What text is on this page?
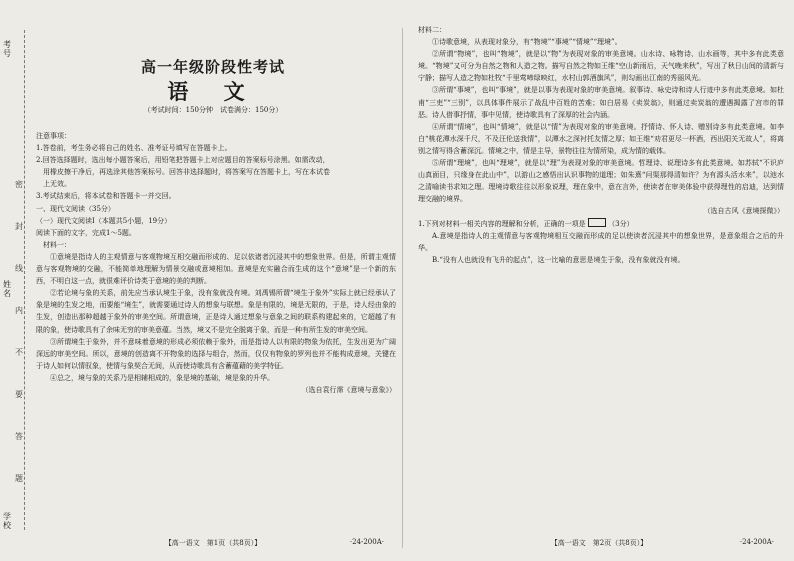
考号
姓名
学校
密
封
线
内
不
要
答
题
高一年级阶段性考试
语 文
（考试时间：150分钟　试卷满分：150分）

注意事项：

1.答卷前，考生务必将自己的姓名、准考证号填写在答题卡上。

2.回答选择题时，选出每小题答案后，用铅笔把答题卡上对应题目的答案标号涂黑。如需改动，

　用橡皮擦干净后，再选涂其他答案标号。回答非选择题时，将答案写在答题卡上，写在本试卷

　上无效。

3.考试结束后，将本试卷和答题卡一并交回。

一、现代文阅读（35分）

（一）现代文阅读Ⅰ（本题共5小题，19分）

阅读下面的文字，完成1～5题。

　材料一：

①意境是指诗人的主观情意与客观物境互相交融而形成的、足以依诸者沉浸其中的想象世界。但是，所谓主观情意与客观物境的交融，不能简单地理解为情景交融或意境相加。意境是充实融合而生成的这个“意境”是一个新的东西，不明白这一点，就很难评价诗类于意境的美的判断。

②若论境与象的关系，前先应当承认境生于象，没有象就没有境。刘禹锡所谓“境生于象外”实际上就已经承认了象是境的生发之地，而要能“境生”，就需要通过诗人的想象与联想。象是有限的，境是无限的，于是，诗人经由象的生发，创造出那种超越于象外的审美空间。所谓意境，正是诗人通过想象与意象之间的联系构建起来的，它超越了有限的象，使诗歌具有了余味无穷的审美意蕴。当然，境又不是完全脱离于象，而是一种有所生发的审美空间。

③所谓境生于象外，并不意味着意境的形成必须依赖于象外，而是指诗人以有限的物象为依托，生发出更为广阔深远的审美空间。所以，意境的创造离不开物象的选择与组合，然而，仅仅有物象的罗列也并不能构成意境，关键在于诗人如何以情驭象，使情与象契合无间，从而使诗歌具有含蓄蕴藉的美学特征。

④总之，境与象的关系乃是相辅相成的，象是境的基础，境是象的升华。

（选自袁行霈《意境与意象》）

【高一语文　第1页（共8页）】	·24-200A·

材料二：

①诗歌意境，从表现对象分，有“物境”“事境”“情境”“理境”。

②所谓“物境”，也叫“物境”，就是以“物”为表现对象的审美意境。山水诗、咏物诗、山水画等，其中多有此类意境。“物境”又可分为自然之物和人造之物。描写自然之物如王维“空山新雨后，天气晚来秋”，写出了秋日山间的清新与宁静；描写人造之物如杜牧“千里莺啼绿映红，水村山郭酒旗风”，则勾画出江南的秀丽风光。

③所谓“事境”，也叫“事境”，就是以事为表现对象的审美意境。叙事诗、咏史诗和诗人行迹中多有此类意境。如杜甫“三吏”“三别”，以具体事件展示了战乱中百姓的苦难；如白居易《卖炭翁》，则通过卖炭翁的遭遇揭露了宫市的罪恶。诗人借事抒情，事中见情，使诗歌具有了深厚的社会内涵。

④所谓“情境”，也叫“情境”，就是以“情”为表现对象的审美意境。抒情诗、怀人诗、赠别诗多有此类意境。如李白“桃花潭水深千尺，不及汪伦送我情”，以潭水之深衬托友情之厚；如王维“劝君更尽一杯酒，西出阳关无故人”，将离别之情写得含蓄深沉。情境之中，情是主导，景物往往为情所染，成为情的载体。

⑤所谓“理境”，也叫“理境”，就是以“理”为表现对象的审美意境。哲理诗、说理诗多有此类意境。如苏轼“不识庐山真面目，只缘身在此山中”，以游山之感悟出认识事物的道理；如朱熹“问渠那得清如许？为有源头活水来”，以池水之清喻读书求知之理。理境诗歌往往以形象说理，理在象中，意在言外，使读者在审美体验中获得理性的启迪，达到情理交融的境界。

（选自古风《意境探微》）

1.下列对材料一相关内容的理解和分析，正确的一项是	（3分）

A.意境是指诗人的主观情意与客观物境相互交融而形成的足以使读者沉浸其中的想象世界，是意象组合之后的升华。

B.“没有人也就没有飞升的起点”，这一比喻的意思是境生于象，没有象就没有境。

【高一语文　第2页（共8页）】	·24-200A·
